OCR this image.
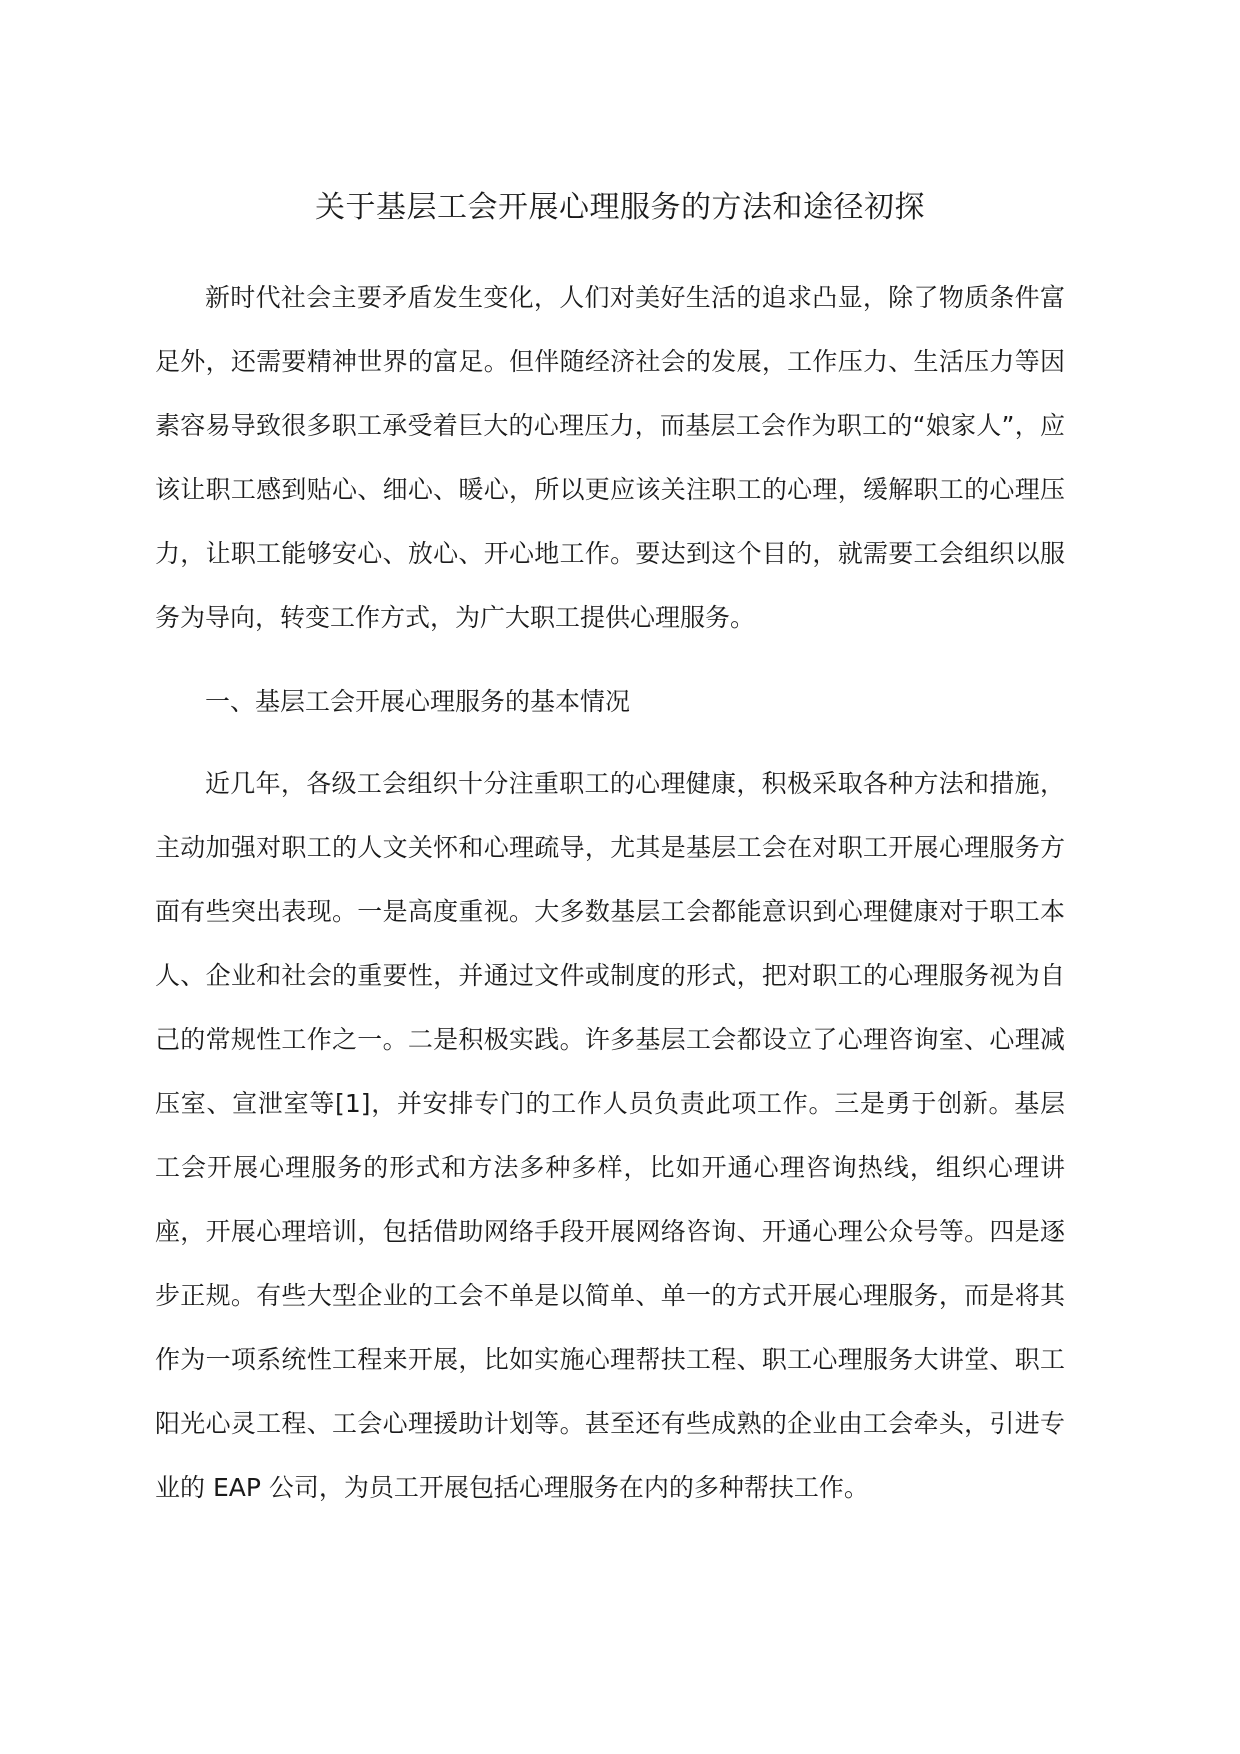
关于基层工会开展心理服务的方法和途径初探

新时代社会主要矛盾发生变化，人们对美好生活的追求凸显，除了物质条件富足外，还需要精神世界的富足。但伴随经济社会的发展，工作压力、生活压力等因素容易导致很多职工承受着巨大的心理压力，而基层工会作为职工的“娘家人”，应该让职工感到贴心、细心、暖心，所以更应该关注职工的心理，缓解职工的心理压力，让职工能够安心、放心、开心地工作。要达到这个目的，就需要工会组织以服务为导向，转变工作方式，为广大职工提供心理服务。

一、基层工会开展心理服务的基本情况

近几年，各级工会组织十分注重职工的心理健康，积极采取各种方法和措施，主动加强对职工的人文关怀和心理疏导，尤其是基层工会在对职工开展心理服务方面有些突出表现。一是高度重视。大多数基层工会都能意识到心理健康对于职工本人、企业和社会的重要性，并通过文件或制度的形式，把对职工的心理服务视为自己的常规性工作之一。二是积极实践。许多基层工会都设立了心理咨询室、心理减压室、宣泄室等[1]，并安排专门的工作人员负责此项工作。三是勇于创新。基层工会开展心理服务的形式和方法多种多样，比如开通心理咨询热线，组织心理讲座，开展心理培训，包括借助网络手段开展网络咨询、开通心理公众号等。四是逐步正规。有些大型企业的工会不单是以简单、单一的方式开展心理服务，而是将其作为一项系统性工程来开展，比如实施心理帮扶工程、职工心理服务大讲堂、职工阳光心灵工程、工会心理援助计划等。甚至还有些成熟的企业由工会牵头，引进专业的 EAP 公司，为员工开展包括心理服务在内的多种帮扶工作。
